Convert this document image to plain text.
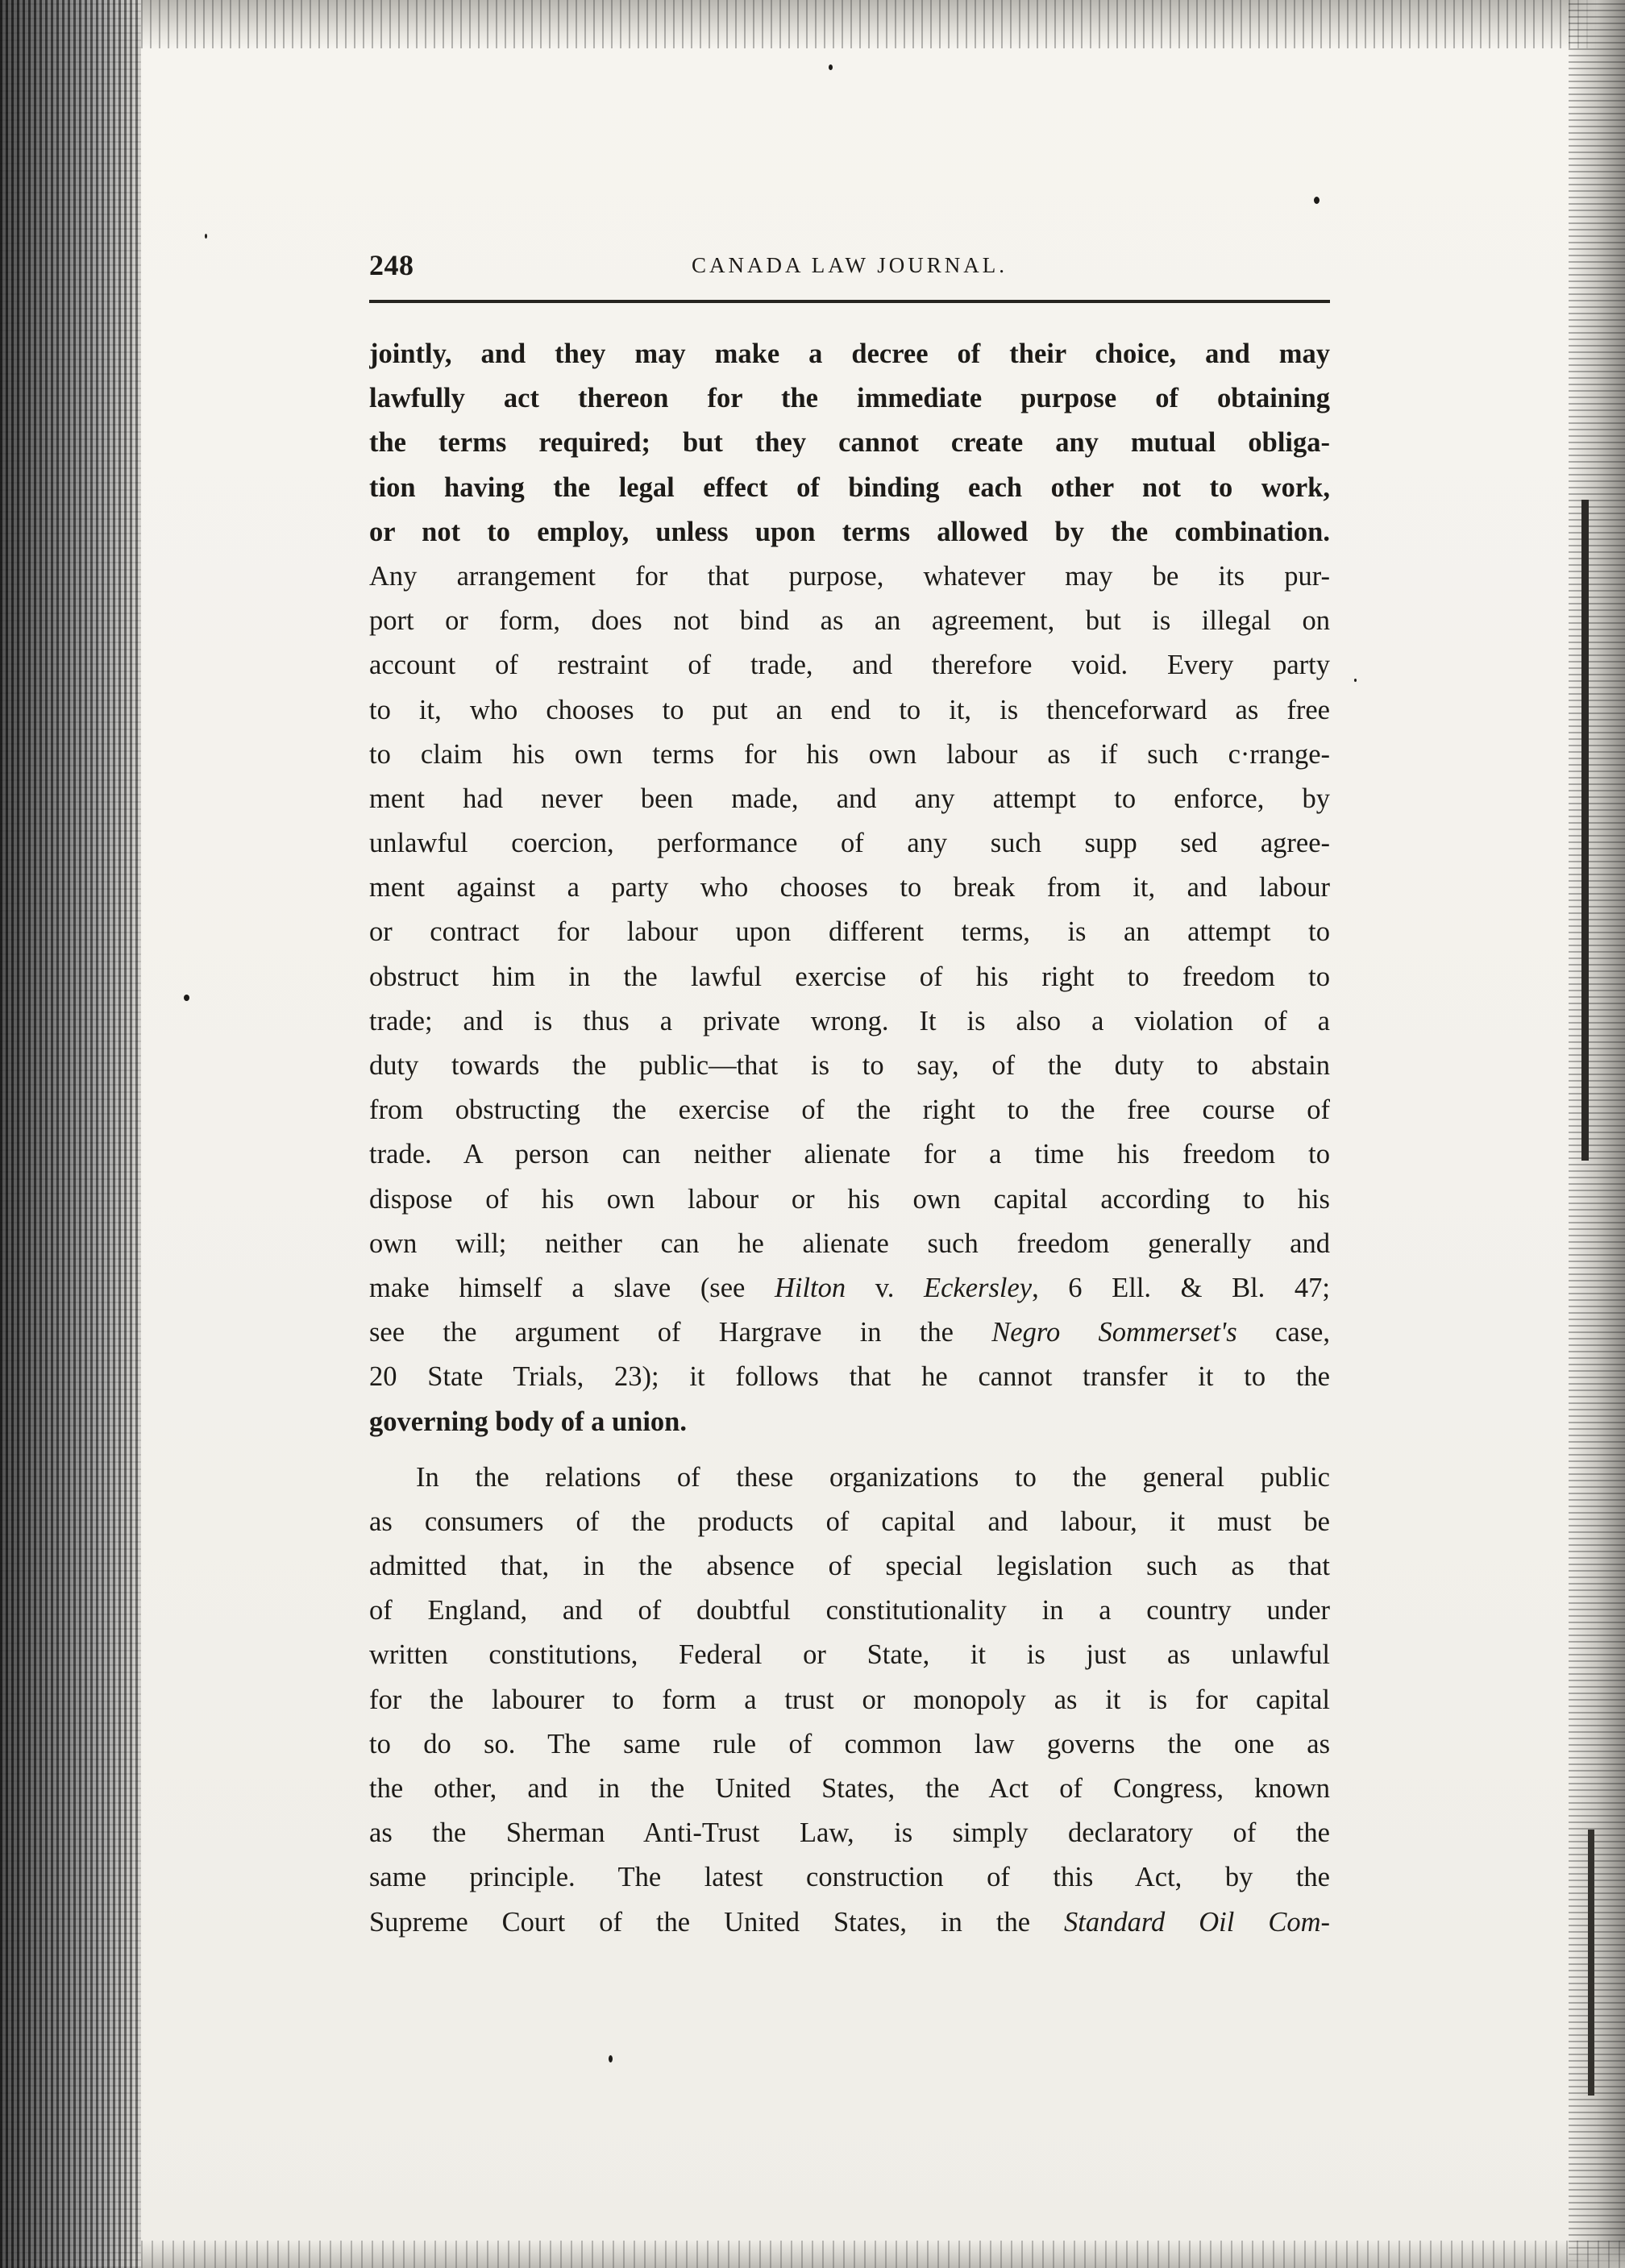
248	CANADA LAW JOURNAL.
jointly, and they may make a decree of their choice, and may
lawfully act thereon for the immediate purpose of obtaining
the terms required; but they cannot create any mutual obliga-
tion having the legal effect of binding each other not to work,
or not to employ, unless upon terms allowed by the combination.
Any arrangement for that purpose, whatever may be its pur-
port or form, does not bind as an agreement, but is illegal on
account of restraint of trade, and therefore void. Every party
to it, who chooses to put an end to it, is thenceforward as free
to claim his own terms for his own labour as if such c·rrange-
ment had never been made, and any attempt to enforce, by
unlawful coercion, performance of any such supp sed agree-
ment against a party who chooses to break from it, and labour
or contract for labour upon different terms, is an attempt to
obstruct him in the lawful exercise of his right to freedom to
trade; and is thus a private wrong. It is also a violation of a
duty towards the public—that is to say, of the duty to abstain
from obstructing the exercise of the right to the free course of
trade. A person can neither alienate for a time his freedom to
dispose of his own labour or his own capital according to his
own will; neither can he alienate such freedom generally and
make himself a slave (see Hilton v. Eckersley, 6 Ell. & Bl. 47;
see the argument of Hargrave in the Negro Sommerset's case,
20 State Trials, 23); it follows that he cannot transfer it to the
governing body of a union.
In the relations of these organizations to the general public
as consumers of the products of capital and labour, it must be
admitted that, in the absence of special legislation such as that
of England, and of doubtful constitutionality in a country under
written constitutions, Federal or State, it is just as unlawful
for the labourer to form a trust or monopoly as it is for capital
to do so. The same rule of common law governs the one as
the other, and in the United States, the Act of Congress, known
as the Sherman Anti-Trust Law, is simply declaratory of the
same principle. The latest construction of this Act, by the
Supreme Court of the United States, in the Standard Oil Com-
